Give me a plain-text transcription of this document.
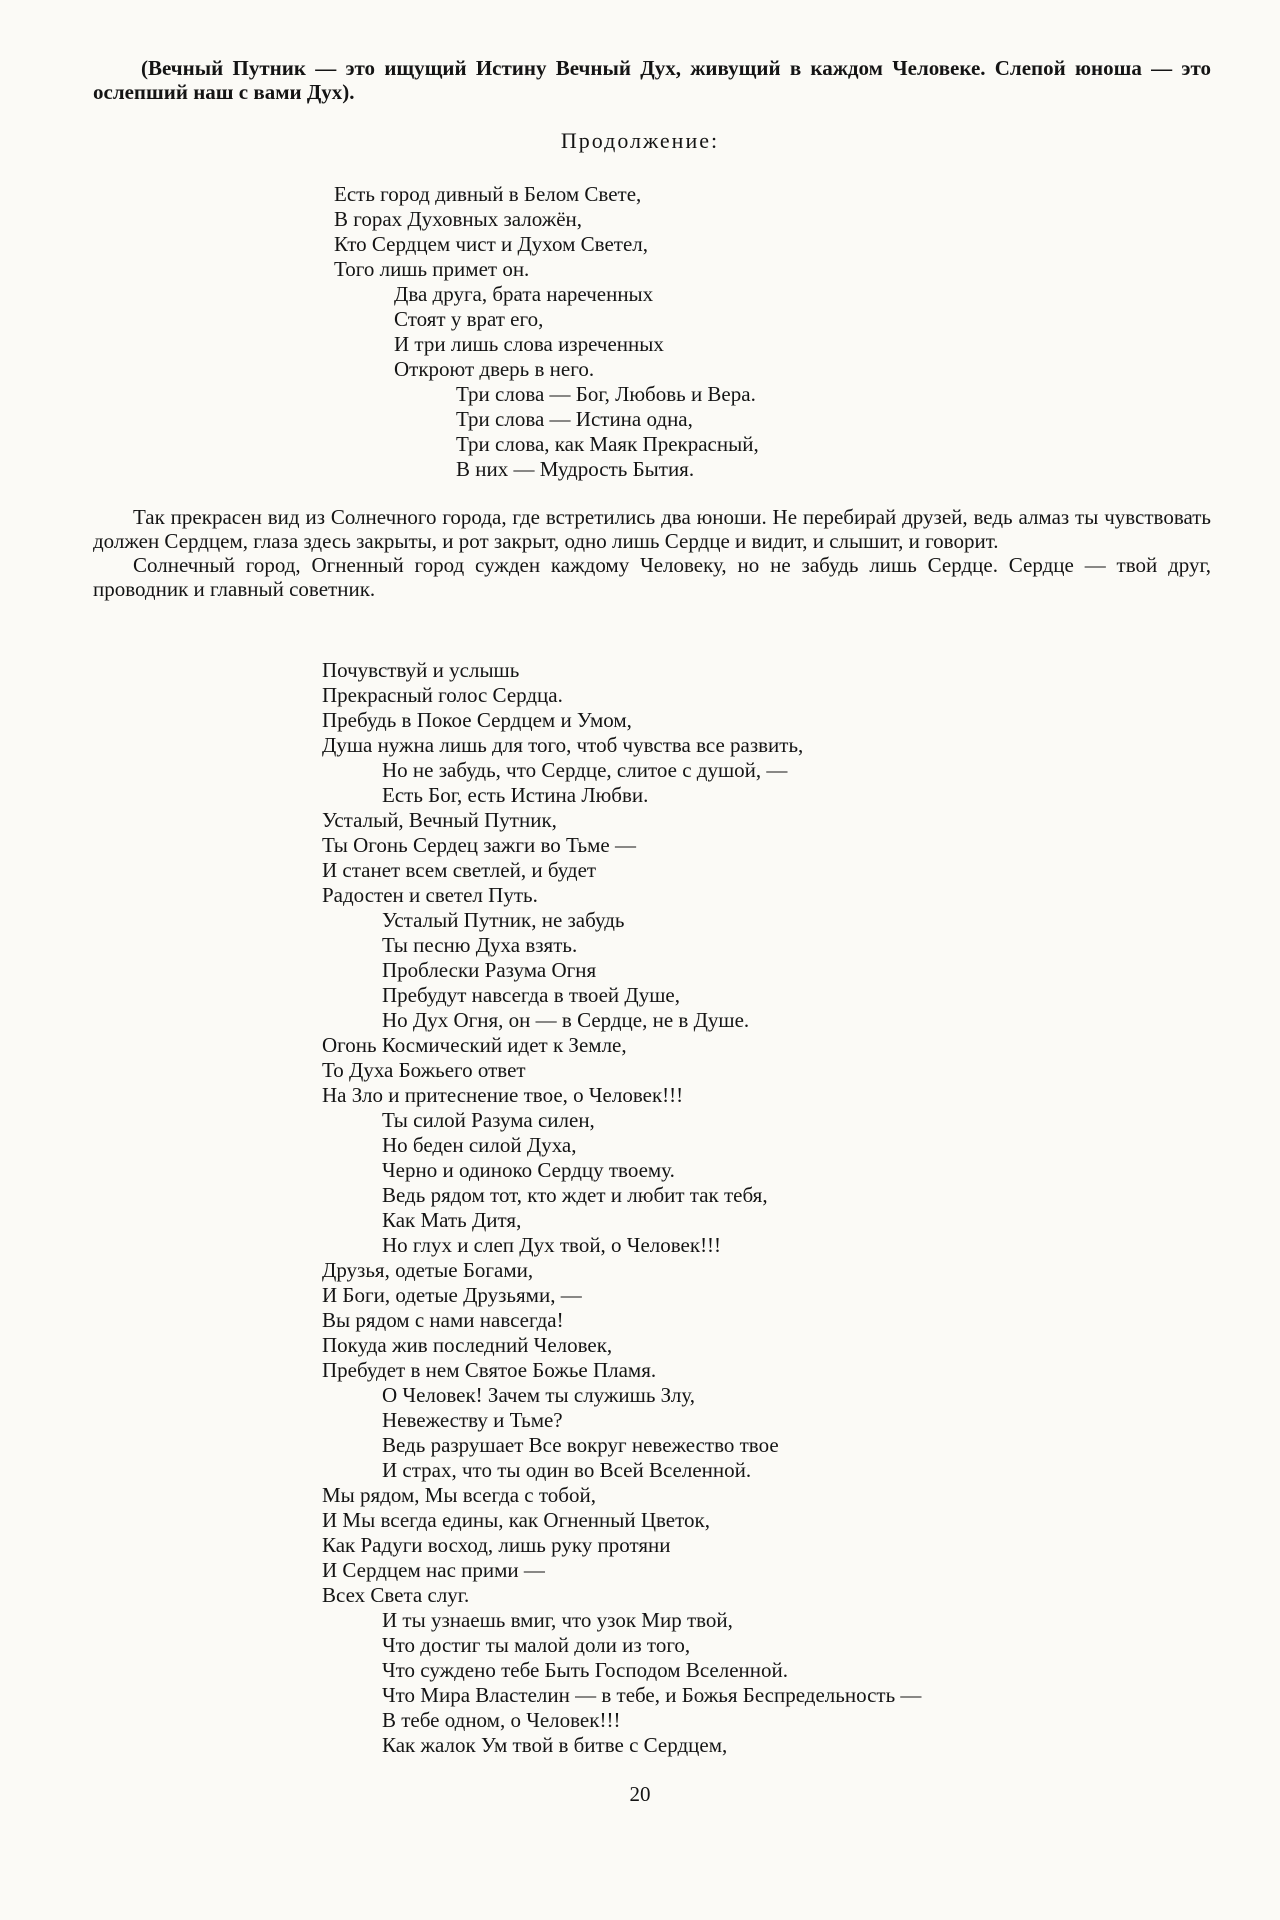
(Вечный Путник — это ищущий Истину Вечный Дух, живущий в каждом Человеке. Слепой юноша — это ослепший наш с вами Дух).
Продолжение:
Есть город дивный в Белом Свете,
В горах Духовных заложён,
Кто Сердцем чист и Духом Светел,
Того лишь примет он.
Два друга, брата нареченных
Стоят у врат его,
И три лишь слова изреченных
Откроют дверь в него.
Три слова — Бог, Любовь и Вера.
Три слова — Истина одна,
Три слова, как Маяк Прекрасный,
В них — Мудрость Бытия.

Так прекрасен вид из Солнечного города, где встретились два юноши. Не перебирай друзей, ведь алмаз ты чувствовать должен Сердцем, глаза здесь закрыты, и рот закрыт, одно лишь Сердце и видит, и слышит, и говорит.

Солнечный город, Огненный город сужден каждому Человеку, но не забудь лишь Сердце. Сердце — твой друг, проводник и главный советник.

Почувствуй и услышь
Прекрасный голос Сердца.
Пребудь в Покое Сердцем и Умом,
Душа нужна лишь для того, чтоб чувства все развить,
Но не забудь, что Сердце, слитое с душой, —
Есть Бог, есть Истина Любви.
Усталый, Вечный Путник,
Ты Огонь Сердец зажги во Тьме —
И станет всем светлей, и будет
Радостен и светел Путь.
Усталый Путник, не забудь
Ты песню Духа взять.
Проблески Разума Огня
Пребудут навсегда в твоей Душе,
Но Дух Огня, он — в Сердце, не в Душе.
Огонь Космический идет к Земле,
То Духа Божьего ответ
На Зло и притеснение твое, о Человек!!!
Ты силой Разума силен,
Но беден силой Духа,
Черно и одиноко Сердцу твоему.
Ведь рядом тот, кто ждет и любит так тебя,
Как Мать Дитя,
Но глух и слеп Дух твой, о Человек!!!
Друзья, одетые Богами,
И Боги, одетые Друзьями, —
Вы рядом с нами навсегда!
Покуда жив последний Человек,
Пребудет в нем Святое Божье Пламя.
О Человек! Зачем ты служишь Злу,
Невежеству и Тьме?
Ведь разрушает Все вокруг невежество твое
И страх, что ты один во Всей Вселенной.
Мы рядом, Мы всегда с тобой,
И Мы всегда едины, как Огненный Цветок,
Как Радуги восход, лишь руку протяни
И Сердцем нас прими —
Всех Света слуг.
И ты узнаешь вмиг, что узок Мир твой,
Что достиг ты малой доли из того,
Что суждено тебе Быть Господом Вселенной.
Что Мира Властелин — в тебе, и Божья Беспредельность —
В тебе одном, о Человек!!!
Как жалок Ум твой в битве с Сердцем,
20
